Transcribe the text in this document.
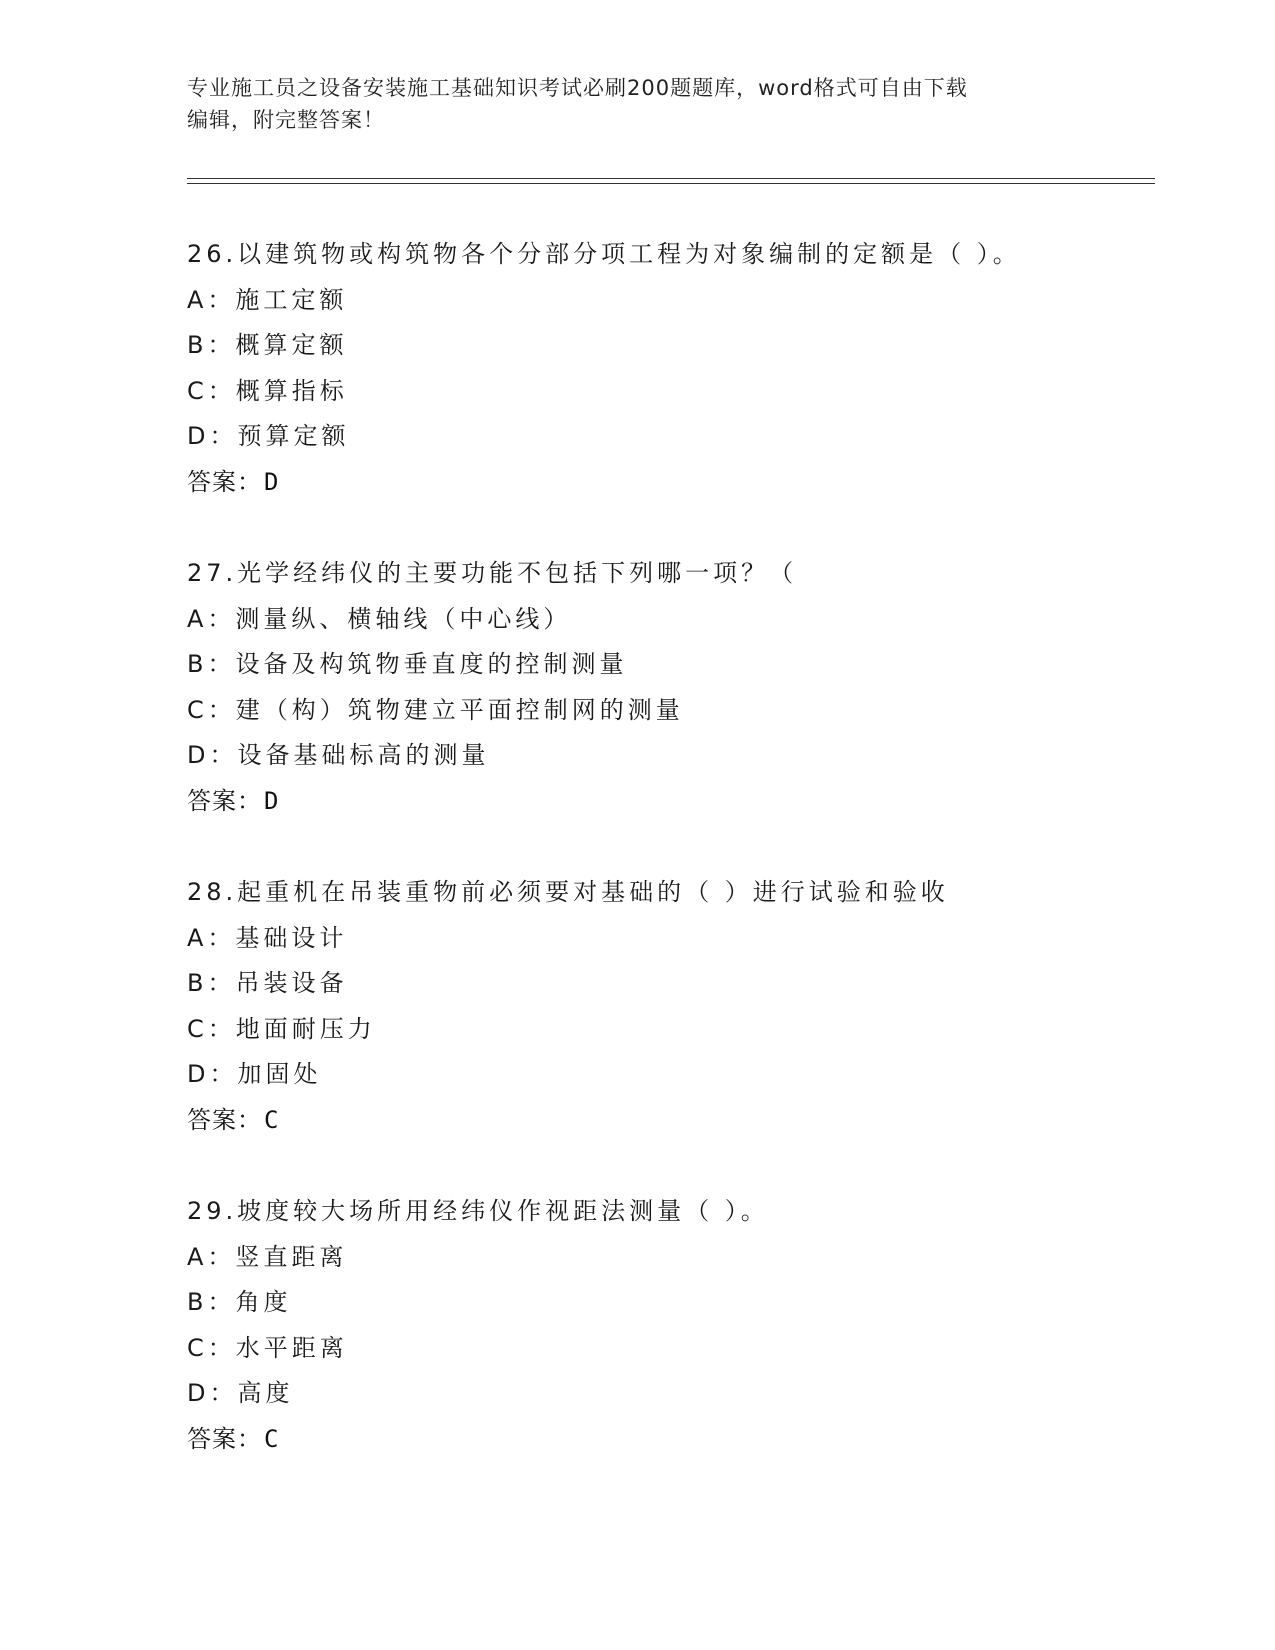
专业施工员之设备安装施工基础知识考试必刷200题题库，word格式可自由下载
编辑，附完整答案！
26.以建筑物或构筑物各个分部分项工程为对象编制的定额是（ ）。
A：施工定额
B：概算定额
C：概算指标
D：预算定额
答案：D
27.光学经纬仪的主要功能不包括下列哪一项？（
A：测量纵、横轴线（中心线）
B：设备及构筑物垂直度的控制测量
C：建（构）筑物建立平面控制网的测量
D：设备基础标高的测量
答案：D
28.起重机在吊装重物前必须要对基础的（ ）进行试验和验收
A：基础设计
B：吊装设备
C：地面耐压力
D：加固处
答案：C
29.坡度较大场所用经纬仪作视距法测量（ ）。
A：竖直距离
B：角度
C：水平距离
D：高度
答案：C
